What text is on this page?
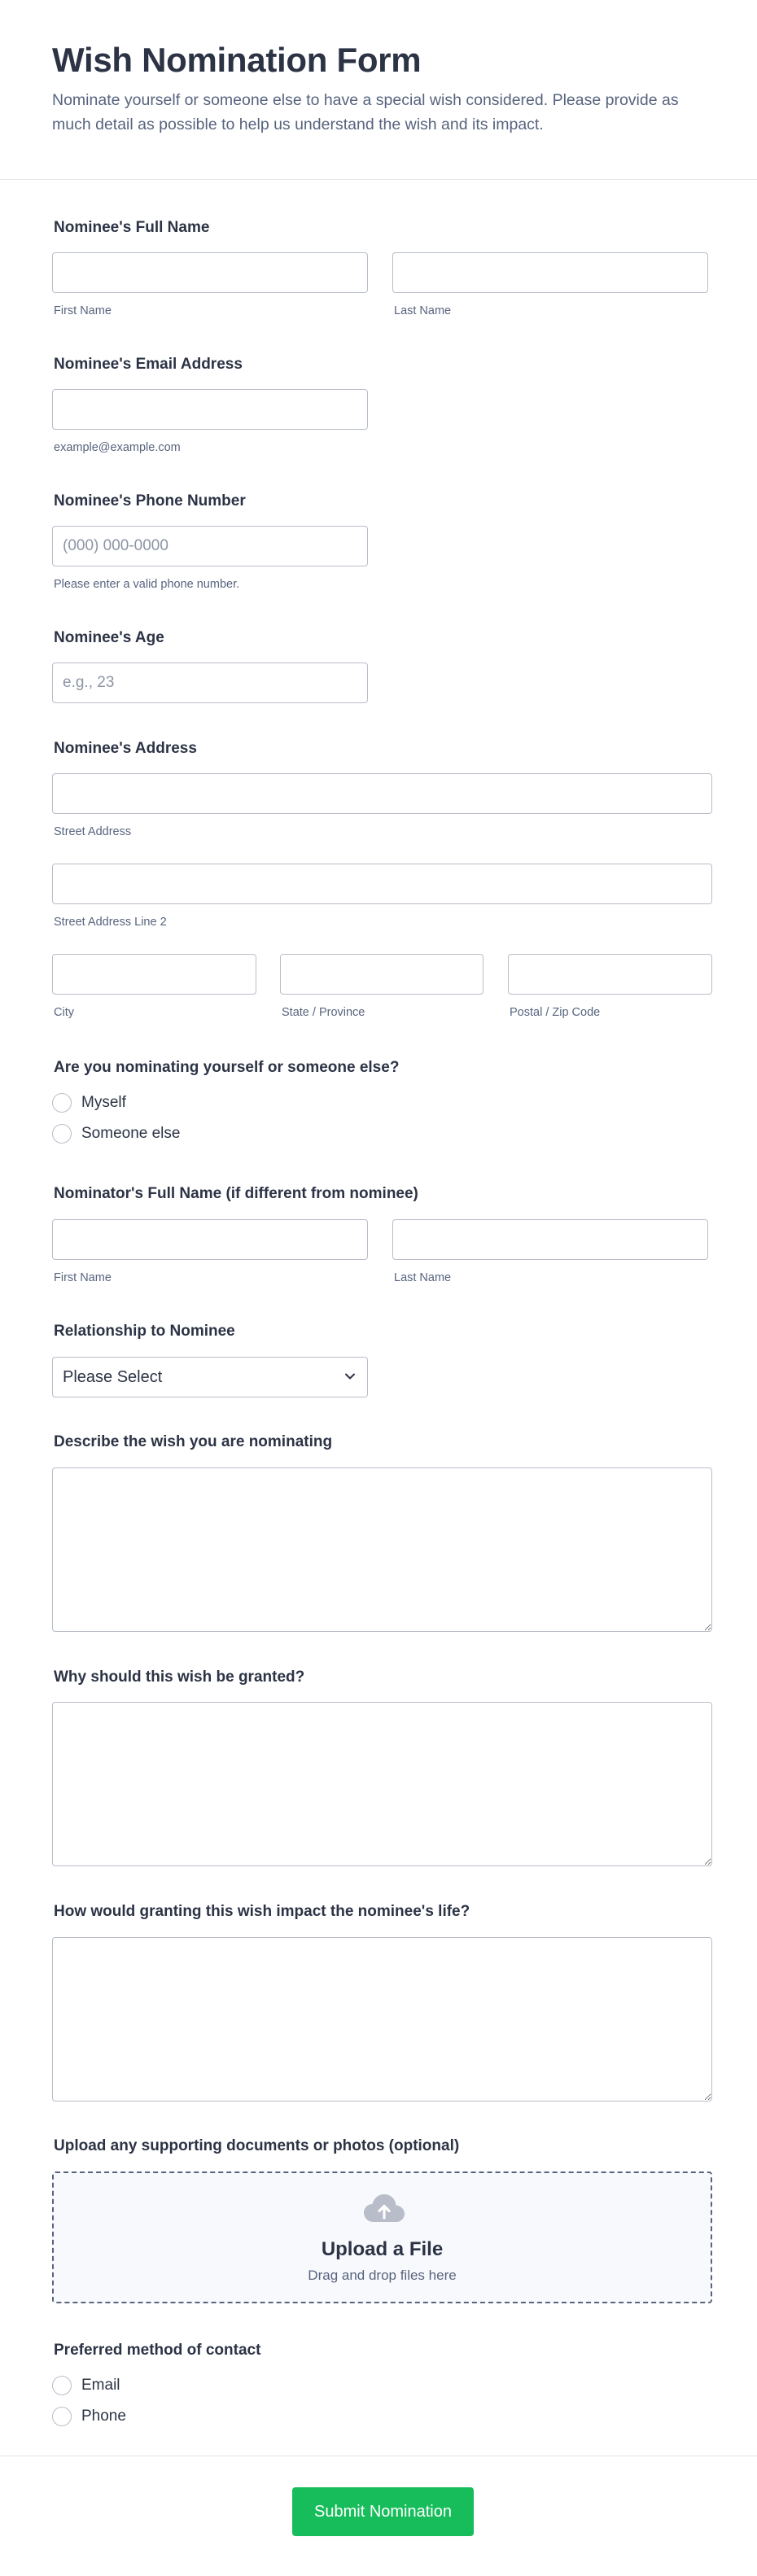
Wish Nomination Form

Nominate yourself or someone else to have a special wish considered. Please provide as much detail as possible to help us understand the wish and its impact.

Nominee's Full Name
First Name	Last Name
Nominee's Email Address
example@example.com
Nominee's Phone Number
(000) 000-0000
Please enter a valid phone number.
Nominee's Age
e.g., 23
Nominee's Address
Street Address
Street Address Line 2
City	State / Province	Postal / Zip Code
Are you nominating yourself or someone else?
Myself
Someone else
Nominator's Full Name (if different from nominee)
First Name	Last Name
Relationship to Nominee
Please Select
Describe the wish you are nominating
Why should this wish be granted?
How would granting this wish impact the nominee's life?
Upload any supporting documents or photos (optional)
Upload a File
Drag and drop files here
Preferred method of contact
Email
Phone
Submit Nomination
